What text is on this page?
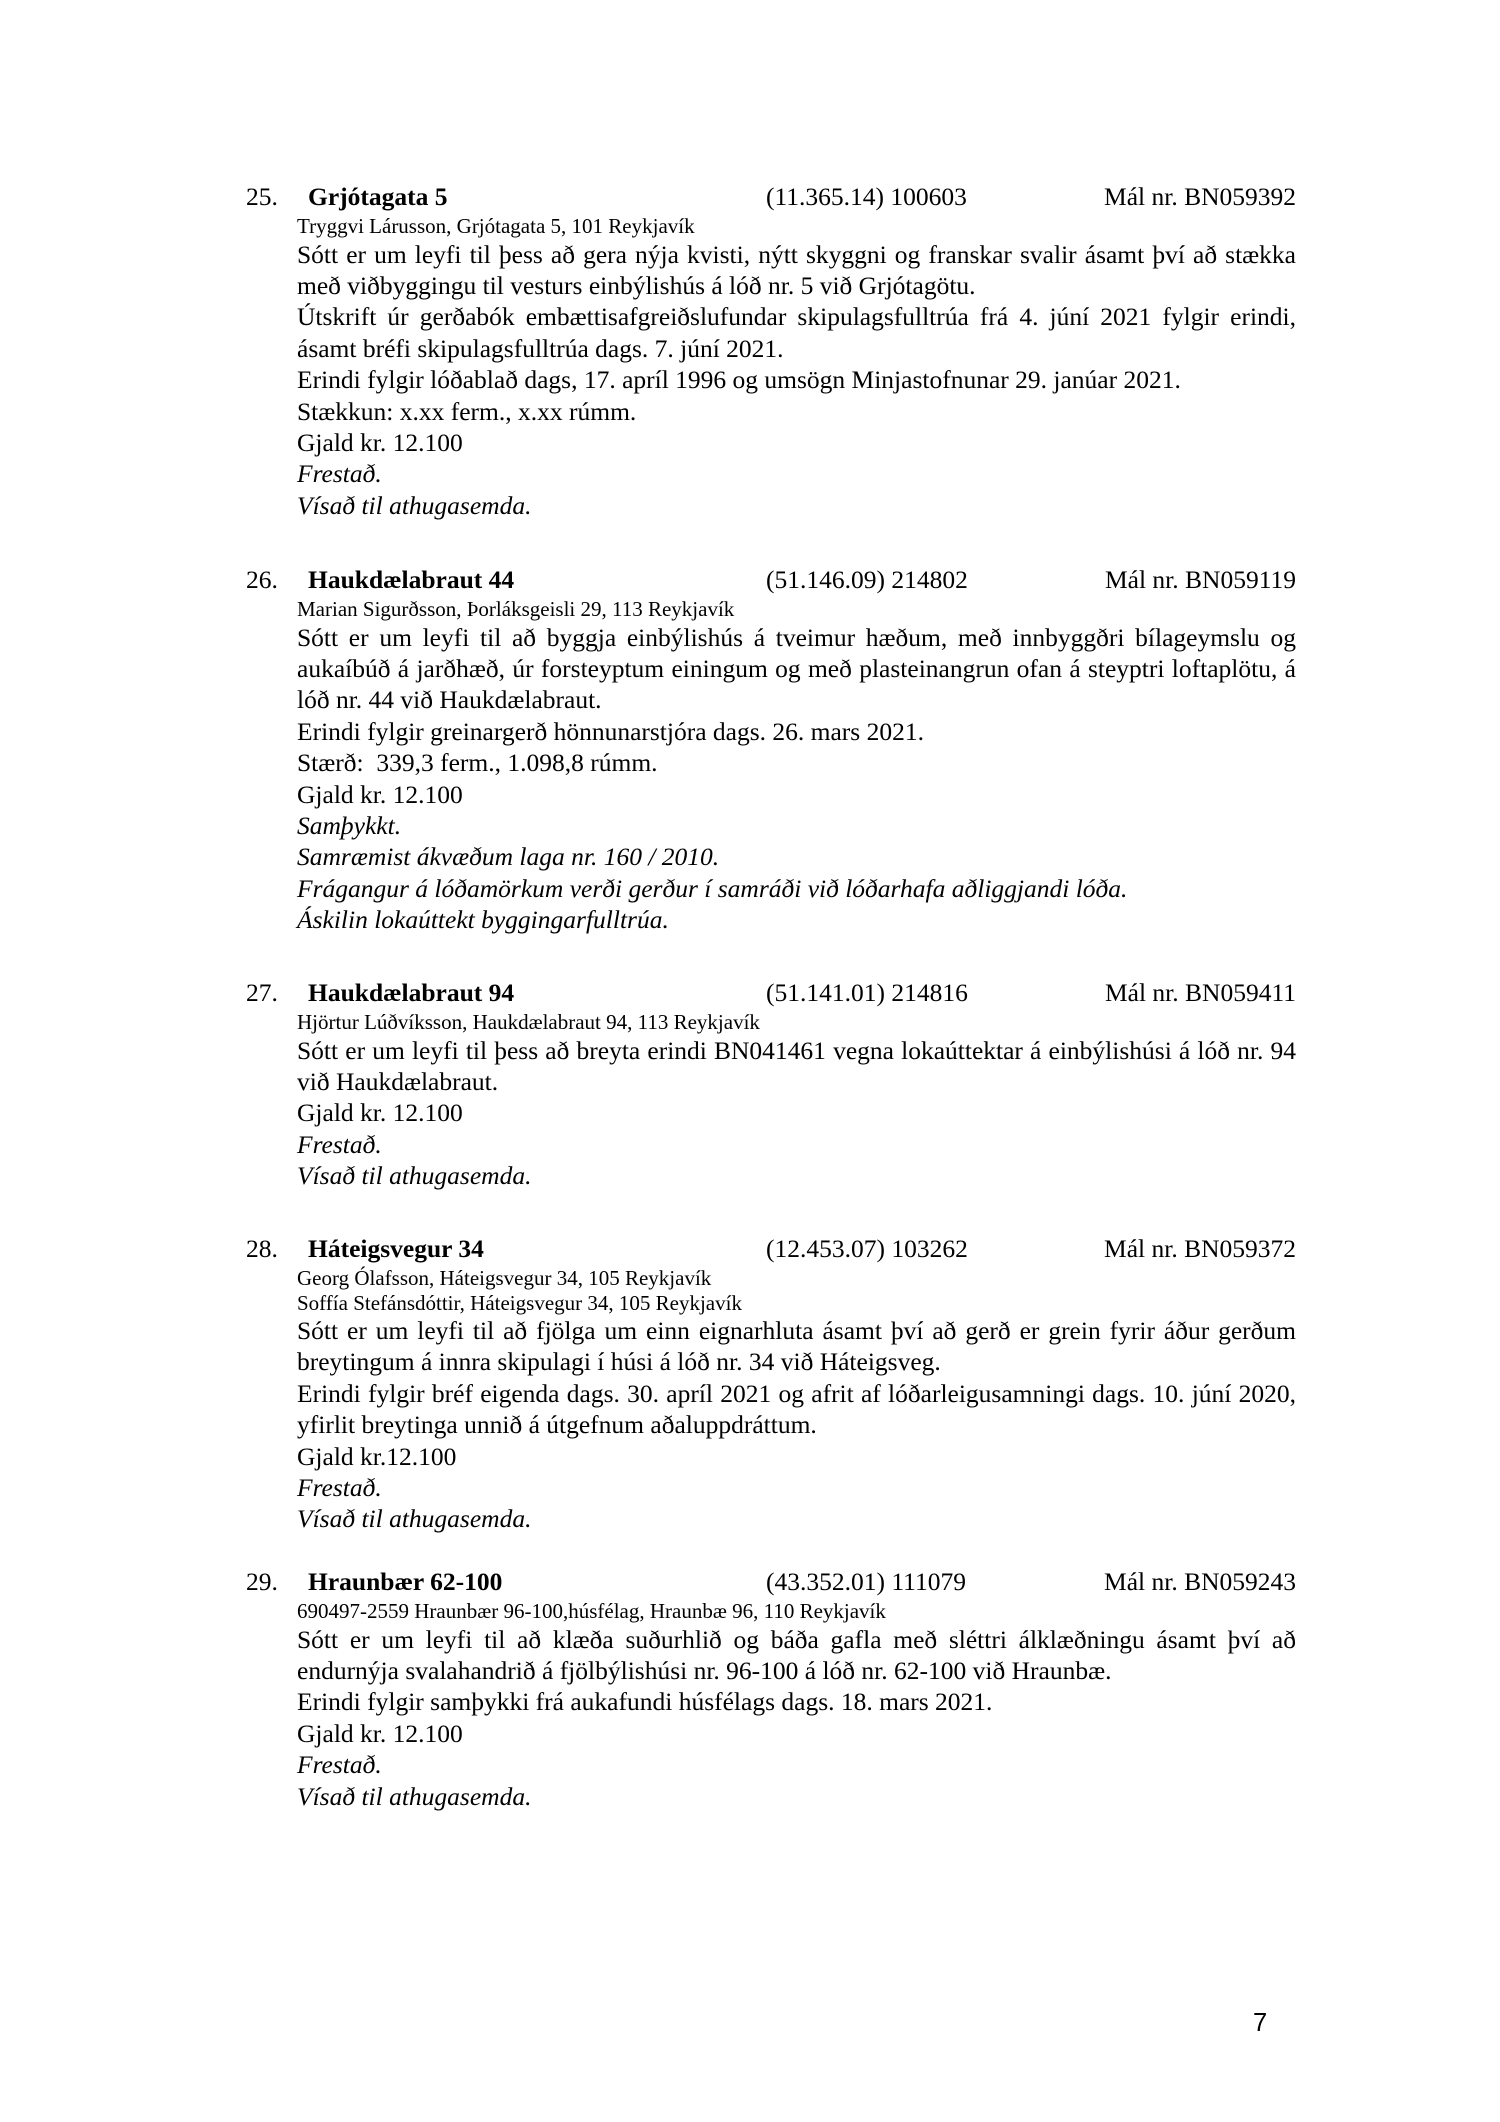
25. Grjótagata 5	(11.365.14) 100603	Mál nr. BN059392
Tryggvi Lárusson, Grjótagata 5, 101 Reykjavík
Sótt er um leyfi til þess að gera nýja kvisti, nýtt skyggni og franskar svalir ásamt því að stækka með viðbyggingu til vesturs einbýlishús á lóð nr. 5 við Grjótagötu.
Útskrift úr gerðabók embættisafgreiðslufundar skipulagsfulltrúa frá 4. júní 2021 fylgir erindi, ásamt bréfi skipulagsfulltrúa dags. 7. júní 2021.
Erindi fylgir lóðablað dags, 17. apríl 1996 og umsögn Minjastofnunar 29. janúar 2021.
Stækkun: x.xx ferm., x.xx rúmm.
Gjald kr. 12.100
Frestað.
Vísað til athugasemda.
26. Haukdælabraut 44	(51.146.09) 214802	Mál nr. BN059119
Marian Sigurðsson, Þorláksgeisli 29, 113 Reykjavík
Sótt er um leyfi til að byggja einbýlishús á tveimur hæðum, með innbyggðri bílageymslu og aukaíbúð á jarðhæð, úr forsteyptum einingum og með plasteinangrun ofan á steyptri loftaplötu, á lóð nr. 44 við Haukdælabraut.
Erindi fylgir greinargerð hönnunarstjóra dags. 26. mars 2021.
Stærð:  339,3 ferm., 1.098,8 rúmm.
Gjald kr. 12.100
Samþykkt.
Samræmist ákvæðum laga nr. 160 / 2010.
Frágangur á lóðamörkum verði gerður í samráði við lóðarhafa aðliggjandi lóða.
Áskilin lokaúttekt byggingarfulltrúa.
27. Haukdælabraut 94	(51.141.01) 214816	Mál nr. BN059411
Hjörtur Lúðvíksson, Haukdælabraut 94, 113 Reykjavík
Sótt er um leyfi til þess að breyta erindi BN041461 vegna lokaúttektar á einbýlishúsi á lóð nr. 94 við Haukdælabraut.
Gjald kr. 12.100
Frestað.
Vísað til athugasemda.
28. Háteigsvegur 34	(12.453.07) 103262	Mál nr. BN059372
Georg Ólafsson, Háteigsvegur 34, 105 Reykjavík
Soffía Stefánsdóttir, Háteigsvegur 34, 105 Reykjavík
Sótt er um leyfi til að fjölga um einn eignarhluta ásamt því að gerð er grein fyrir áður gerðum breytingum á innra skipulagi í húsi á lóð nr. 34 við Háteigsveg.
Erindi fylgir bréf eigenda dags. 30. apríl 2021 og afrit af lóðarleigusamningi dags. 10. júní 2020, yfirlit breytinga unnið á útgefnum aðaluppdráttum.
Gjald kr.12.100
Frestað.
Vísað til athugasemda.
29. Hraunbær 62-100	(43.352.01) 111079	Mál nr. BN059243
690497-2559 Hraunbær 96-100,húsfélag, Hraunbæ 96, 110 Reykjavík
Sótt er um leyfi til að klæða suðurhlið og báða gafla með sléttri álklæðningu ásamt því að endurnýja svalahandrið á fjölbýlishúsi nr. 96-100 á lóð nr. 62-100 við Hraunbæ.
Erindi fylgir samþykki frá aukafundi húsfélags dags. 18. mars 2021.
Gjald kr. 12.100
Frestað.
Vísað til athugasemda.
7
